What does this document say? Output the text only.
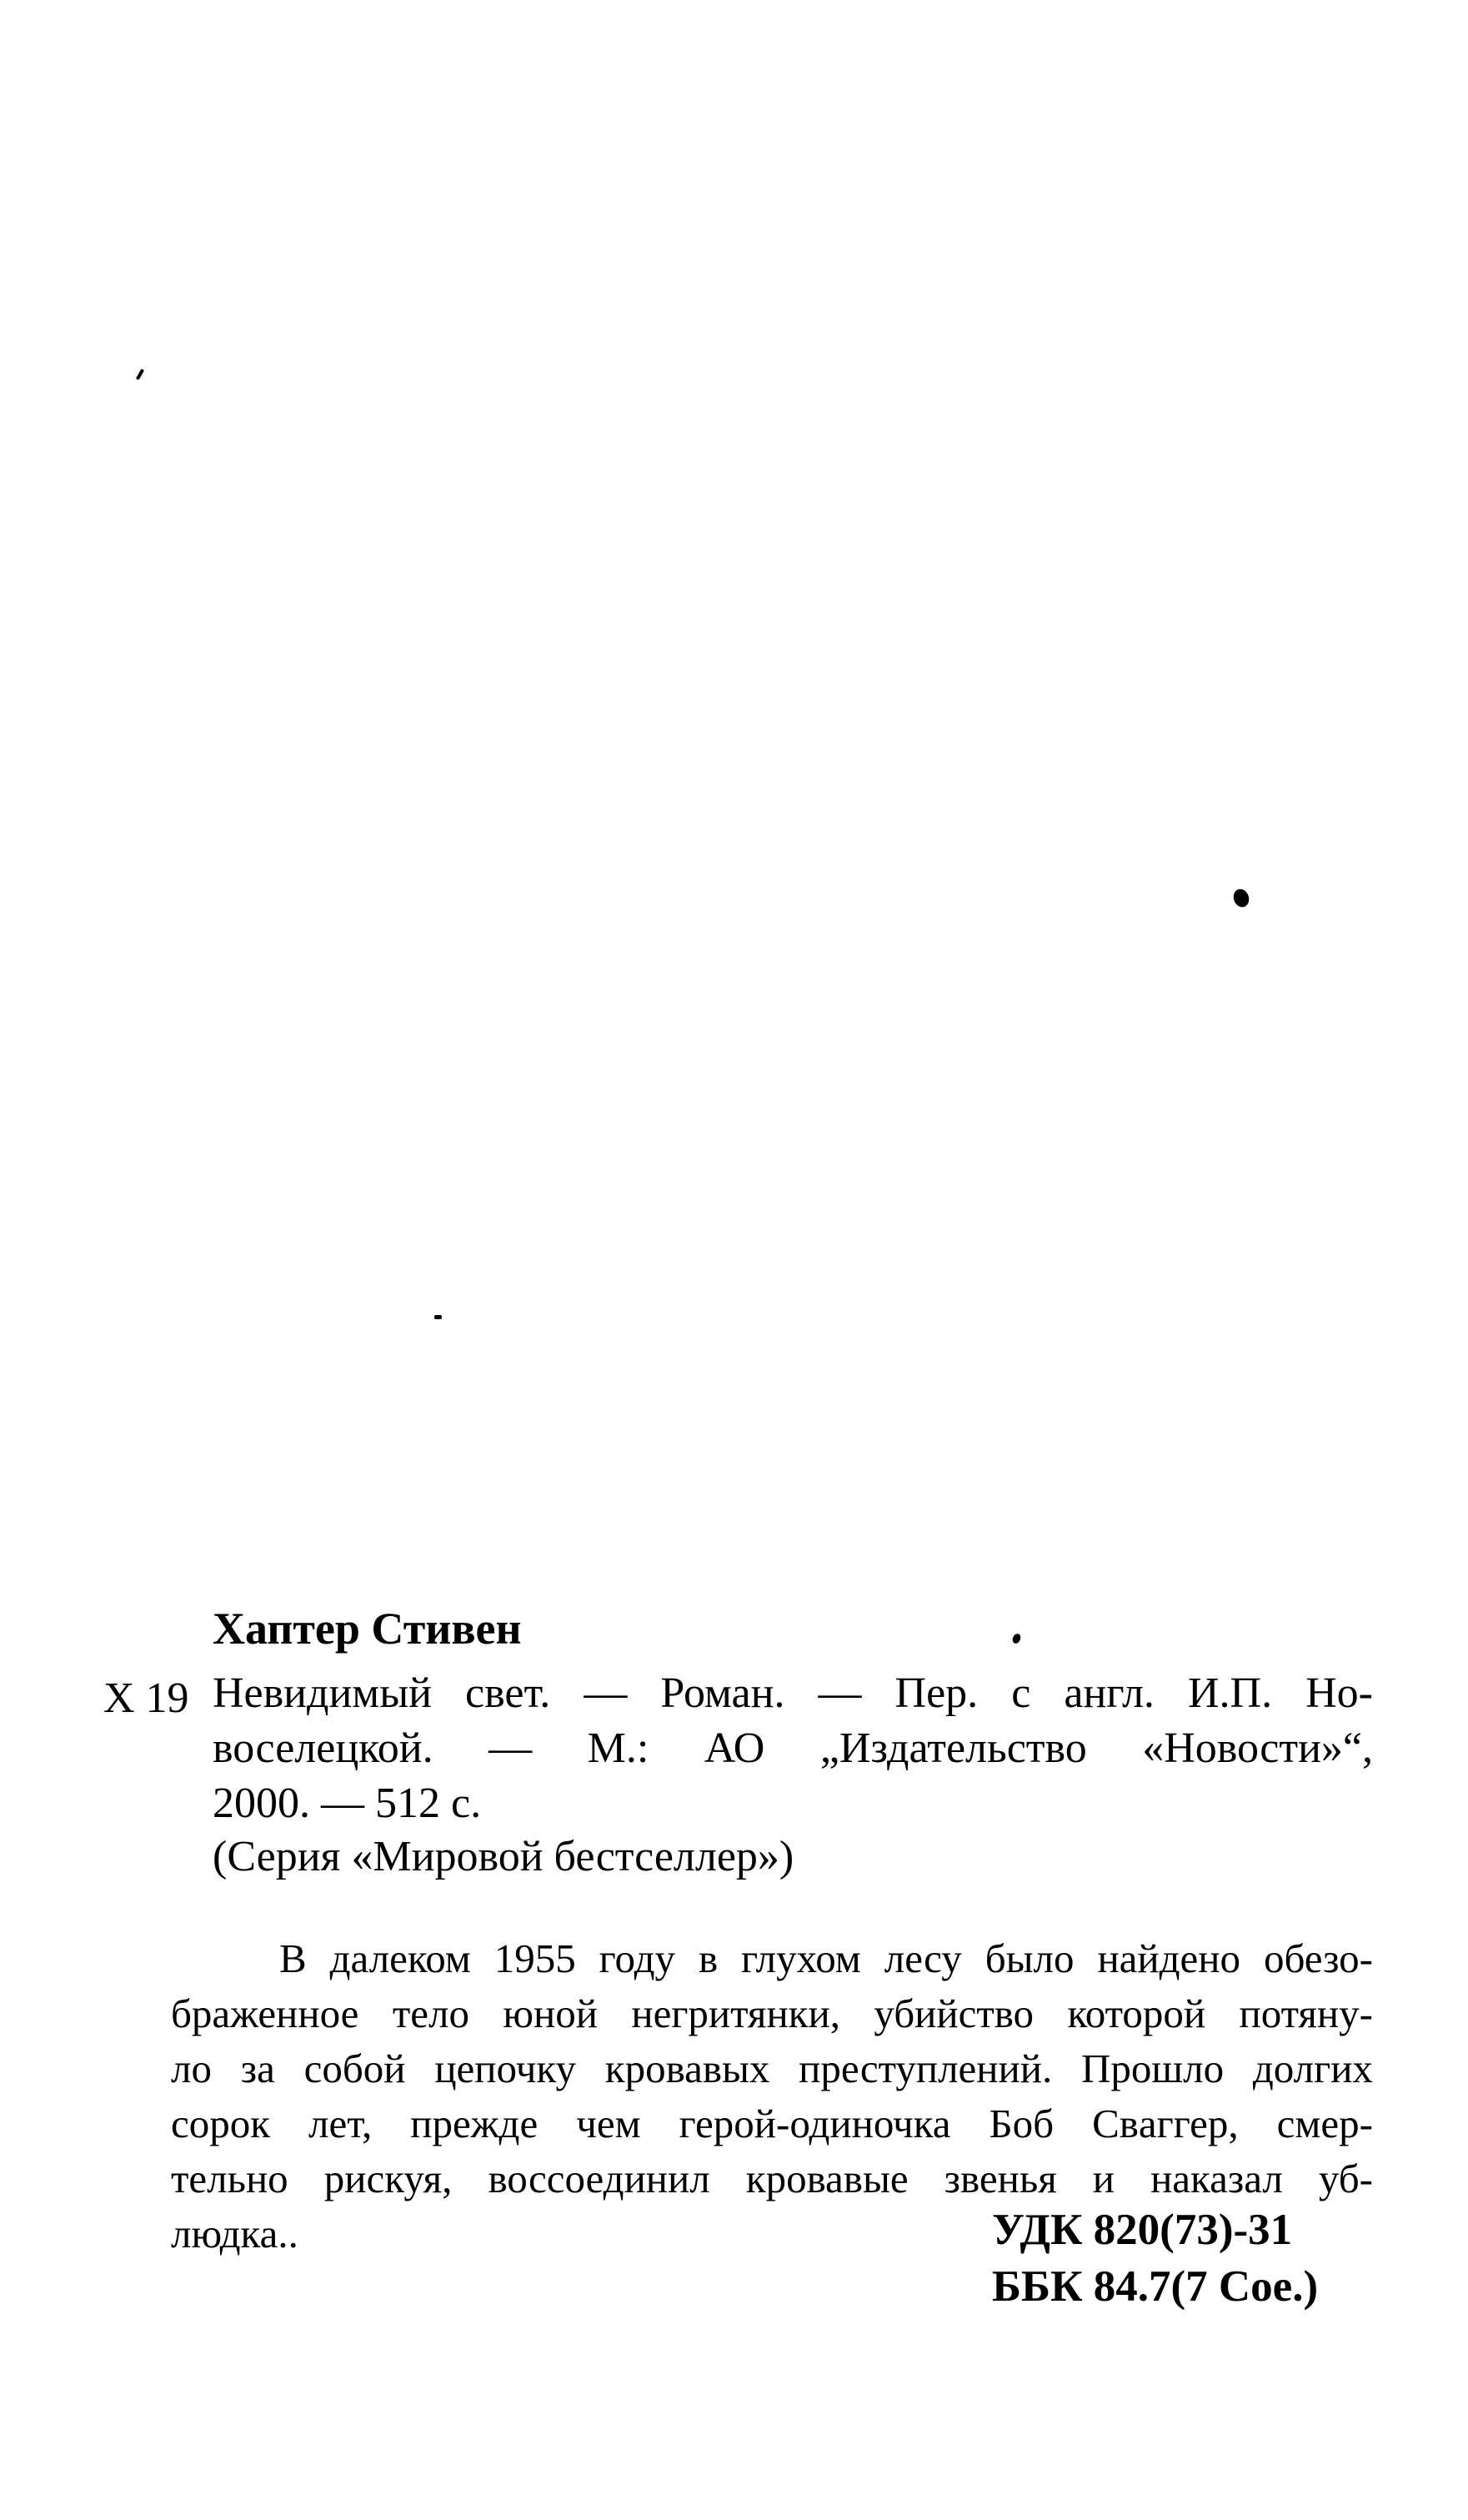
Хаптер Стивен
Х 19 Невидимый свет. — Роман. — Пер. с англ. И.П. Но-
воселецкой. — М.: АО „Издательство «Новости»“,
2000. — 512 с.
(Серия «Мировой бестселлер»)
В далеком 1955 году в глухом лесу было найдено обезо-
браженное тело юной негритянки, убийство которой потяну-
ло за собой цепочку кровавых преступлений. Прошло долгих
сорок лет, прежде чем герой-одиночка Боб Свaггер, смер-
тельно рискуя, воссоединил кровавые звенья и наказал уб-
людка..	УДК 820(73)-31
ББК 84.7(7 Сое.)
